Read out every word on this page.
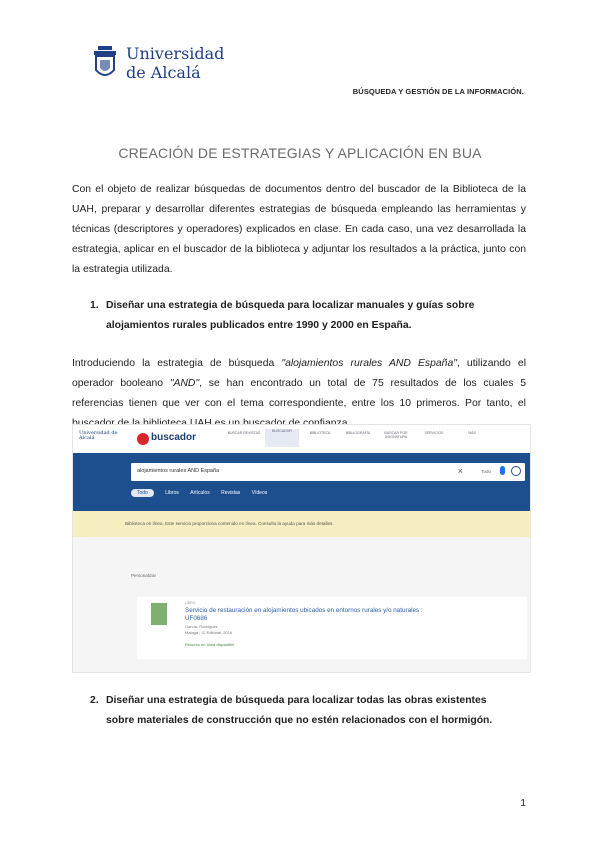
Universidad
de Alcalá
BÚSQUEDA Y GESTIÓN DE LA INFORMACIÓN.
CREACIÓN DE ESTRATEGIAS Y APLICACIÓN EN BUA
Con el objeto de realizar búsquedas de documentos dentro del buscador de la Biblioteca de la UAH, preparar y desarrollar diferentes estrategias de búsqueda empleando las herramientas y técnicas (descriptores y operadores) explicados en clase. En cada caso, una vez desarrollada la estrategia, aplicar en el buscador de la biblioteca y adjuntar los resultados a la práctica, junto con la estrategia utilizada.
1. Diseñar una estrategia de búsqueda para localizar manuales y guías sobre
alojamientos rurales publicados entre 1990 y 2000 en España.
Introduciendo la estrategia de búsqueda "alojamientos rurales AND España", utilizando el operador booleano "AND", se han encontrado un total de 75 resultados de los cuales 5 referencias tienen que ver con el tema correspondiente, entre los 10 primeros. Por tanto, el
Universidad de Alcalá	buscador	BUSCAR REVISTAS	BUSCADOR	BIBLIOTECA	BIBLIOGRAFÍA	BUSCAR POR ASIGNATURA
SERVICIOS	MÁS
alojamientos rurales AND España	×	Todo
Todo	Libros Artículos Revistas Vídeos
Biblioteca en línea. Este servicio proporciona contenido en línea. Consulta la ayuda para más detalles.
Personalizar
LIBRO
Servicio de restauración en alojamientos ubicados en entornos rurales y/o naturales : UF0686
García, Rodríguez
Málaga : IC Editorial, 2016
Recurso en línea disponible
2. Diseñar una estrategia de búsqueda para localizar todas las obras existentes
sobre materiales de construcción que no estén relacionados con el hormigón.
1
